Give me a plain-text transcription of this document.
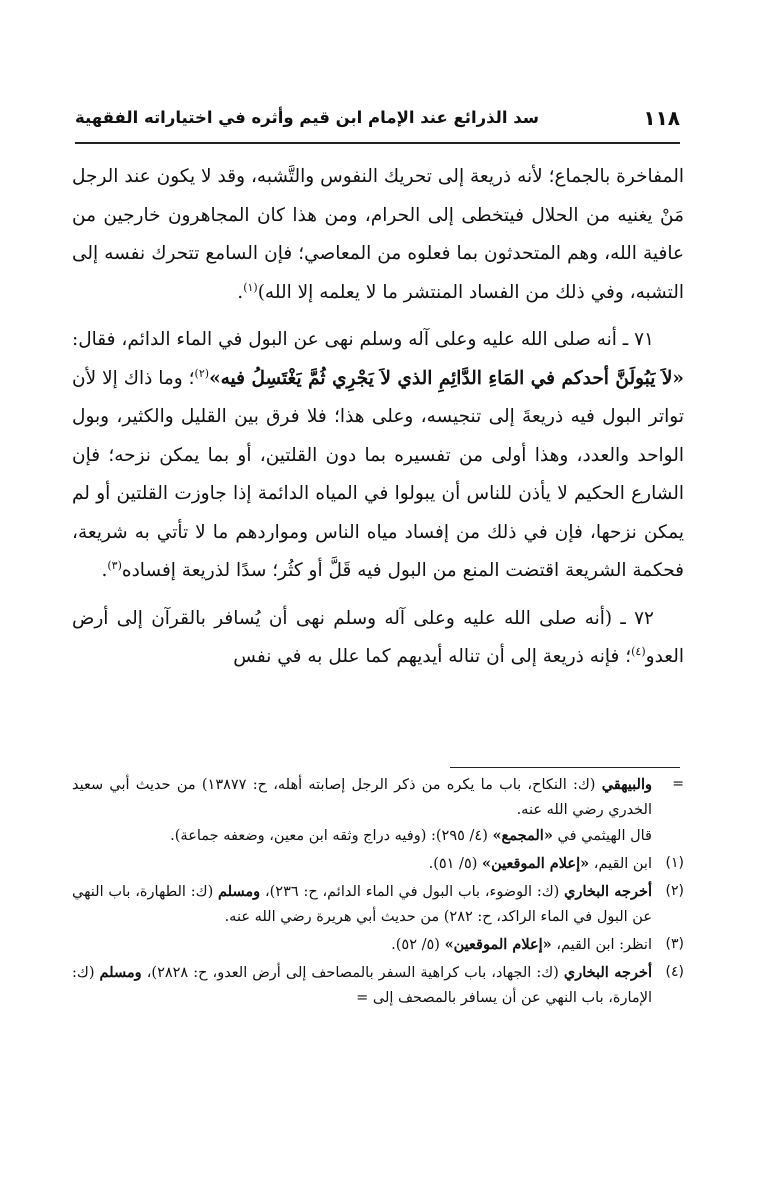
١١٨
سد الذرائع عند الإمام ابن قيم وأثره في اختياراته الفقهية

المفاخرة بالجماع؛ لأنه ذريعة إلى تحريك النفوس والتَّشبه، وقد لا يكون عند الرجل مَنْ يغنيه من الحلال فيتخطى إلى الحرام، ومن هذا كان المجاهرون خارجين من عافية الله، وهم المتحدثون بما فعلوه من المعاصي؛ فإن السامع تتحرك نفسه إلى التشبه، وفي ذلك من الفساد المنتشر ما لا يعلمه إلا الله)$^{(١)}$.

٧١ ـ أنه صلى الله عليه وعلى آله وسلم نهى عن البول في الماء الدائم، فقال: «لاَ يَبُولَنَّ أحدكم في المَاءِ الدَّائِمِ الذي لاَ يَجْرِي ثُمَّ يَغْتَسِلُ فيه»$^{(٢)}$؛ وما ذاك إلا لأن تواتر البول فيه ذريعةَ إلى تنجيسه، وعلى هذا؛ فلا فرق بين القليل والكثير، وبول الواحد والعدد، وهذا أولى من تفسيره بما دون القلتين، أو بما يمكن نزحه؛ فإن الشارع الحكيم لا يأذن للناس أن يبولوا في المياه الدائمة إذا جاوزت القلتين أو لم يمكن نزحها، فإن في ذلك من إفساد مياه الناس ومواردهم ما لا تأتي به شريعة، فحكمة الشريعة اقتضت المنع من البول فيه قَلَّ أو كثُر؛ سدًا لذريعة إفساده$^{(٣)}$.

٧٢ ـ (أنه صلى الله عليه وعلى آله وسلم نهى أن يُسافر بالقرآن إلى أرض العدو$^{(٤)}$؛ فإنه ذريعة إلى أن تناله أيديهم كما علل به في نفس

=
والبيهقي (ك: النكاح، باب ما يكره من ذكر الرجل إصابته أهله، ح: ١٣٨٧٧) من حديث أبي سعيد الخدري رضي الله عنه.
قال الهيثمي في «المجمع» (٤/ ٢٩٥): (وفيه دراج وثقه ابن معين، وضعفه جماعة).

(١)
ابن القيم، «إعلام الموقعين» (٥/ ٥١).

(٢)
أخرجه البخاري (ك: الوضوء، باب البول في الماء الدائم، ح: ٢٣٦)، ومسلم (ك: الطهارة، باب النهي عن البول في الماء الراكد، ح: ٢٨٢) من حديث أبي هريرة رضي الله عنه.

(٣)
انظر: ابن القيم، «إعلام الموقعين» (٥/ ٥٢).

(٤)
أخرجه البخاري (ك: الجهاد، باب كراهية السفر بالمصاحف إلى أرض العدو، ح: ٢٨٢٨)، ومسلم (ك: الإمارة، باب النهي عن أن يسافر بالمصحف إلى =
